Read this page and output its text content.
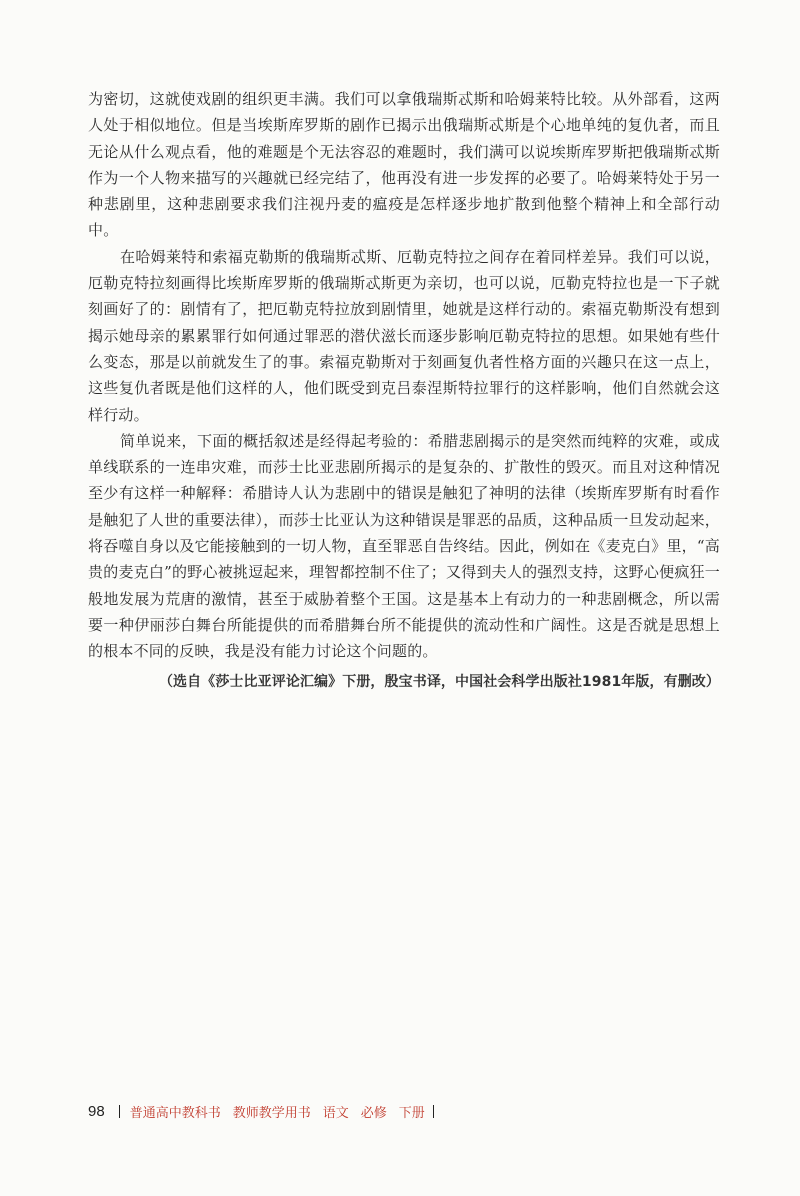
为密切，这就使戏剧的组织更丰满。我们可以拿俄瑞斯忒斯和哈姆莱特比较。从外部看，这两人处于相似地位。但是当埃斯库罗斯的剧作已揭示出俄瑞斯忒斯是个心地单纯的复仇者，而且无论从什么观点看，他的难题是个无法容忍的难题时，我们满可以说埃斯库罗斯把俄瑞斯忒斯作为一个人物来描写的兴趣就已经完结了，他再没有进一步发挥的必要了。哈姆莱特处于另一种悲剧里，这种悲剧要求我们注视丹麦的瘟疫是怎样逐步地扩散到他整个精神上和全部行动中。

在哈姆莱特和索福克勒斯的俄瑞斯忒斯、厄勒克特拉之间存在着同样差异。我们可以说，厄勒克特拉刻画得比埃斯库罗斯的俄瑞斯忒斯更为亲切，也可以说，厄勒克特拉也是一下子就刻画好了的：剧情有了，把厄勒克特拉放到剧情里，她就是这样行动的。索福克勒斯没有想到揭示她母亲的累累罪行如何通过罪恶的潜伏滋长而逐步影响厄勒克特拉的思想。如果她有些什么变态，那是以前就发生了的事。索福克勒斯对于刻画复仇者性格方面的兴趣只在这一点上，这些复仇者既是他们这样的人，他们既受到克吕泰涅斯特拉罪行的这样影响，他们自然就会这样行动。

简单说来，下面的概括叙述是经得起考验的：希腊悲剧揭示的是突然而纯粹的灾难，或成单线联系的一连串灾难，而莎士比亚悲剧所揭示的是复杂的、扩散性的毁灭。而且对这种情况至少有这样一种解释：希腊诗人认为悲剧中的错误是触犯了神明的法律（埃斯库罗斯有时看作是触犯了人世的重要法律），而莎士比亚认为这种错误是罪恶的品质，这种品质一旦发动起来，将吞噬自身以及它能接触到的一切人物，直至罪恶自告终结。因此，例如在《麦克白》里，“高贵的麦克白”的野心被挑逗起来，理智都控制不住了；又得到夫人的强烈支持，这野心便疯狂一般地发展为荒唐的激情，甚至于威胁着整个王国。这是基本上有动力的一种悲剧概念，所以需要一种伊丽莎白舞台所能提供的而希腊舞台所不能提供的流动性和广阔性。这是否就是思想上的根本不同的反映，我是没有能力讨论这个问题的。

（选自《莎士比亚评论汇编》下册，殷宝书译，中国社会科学出版社1981年版，有删改）

98 普通高中教科书 教师教学用书 语文 必修 下册
